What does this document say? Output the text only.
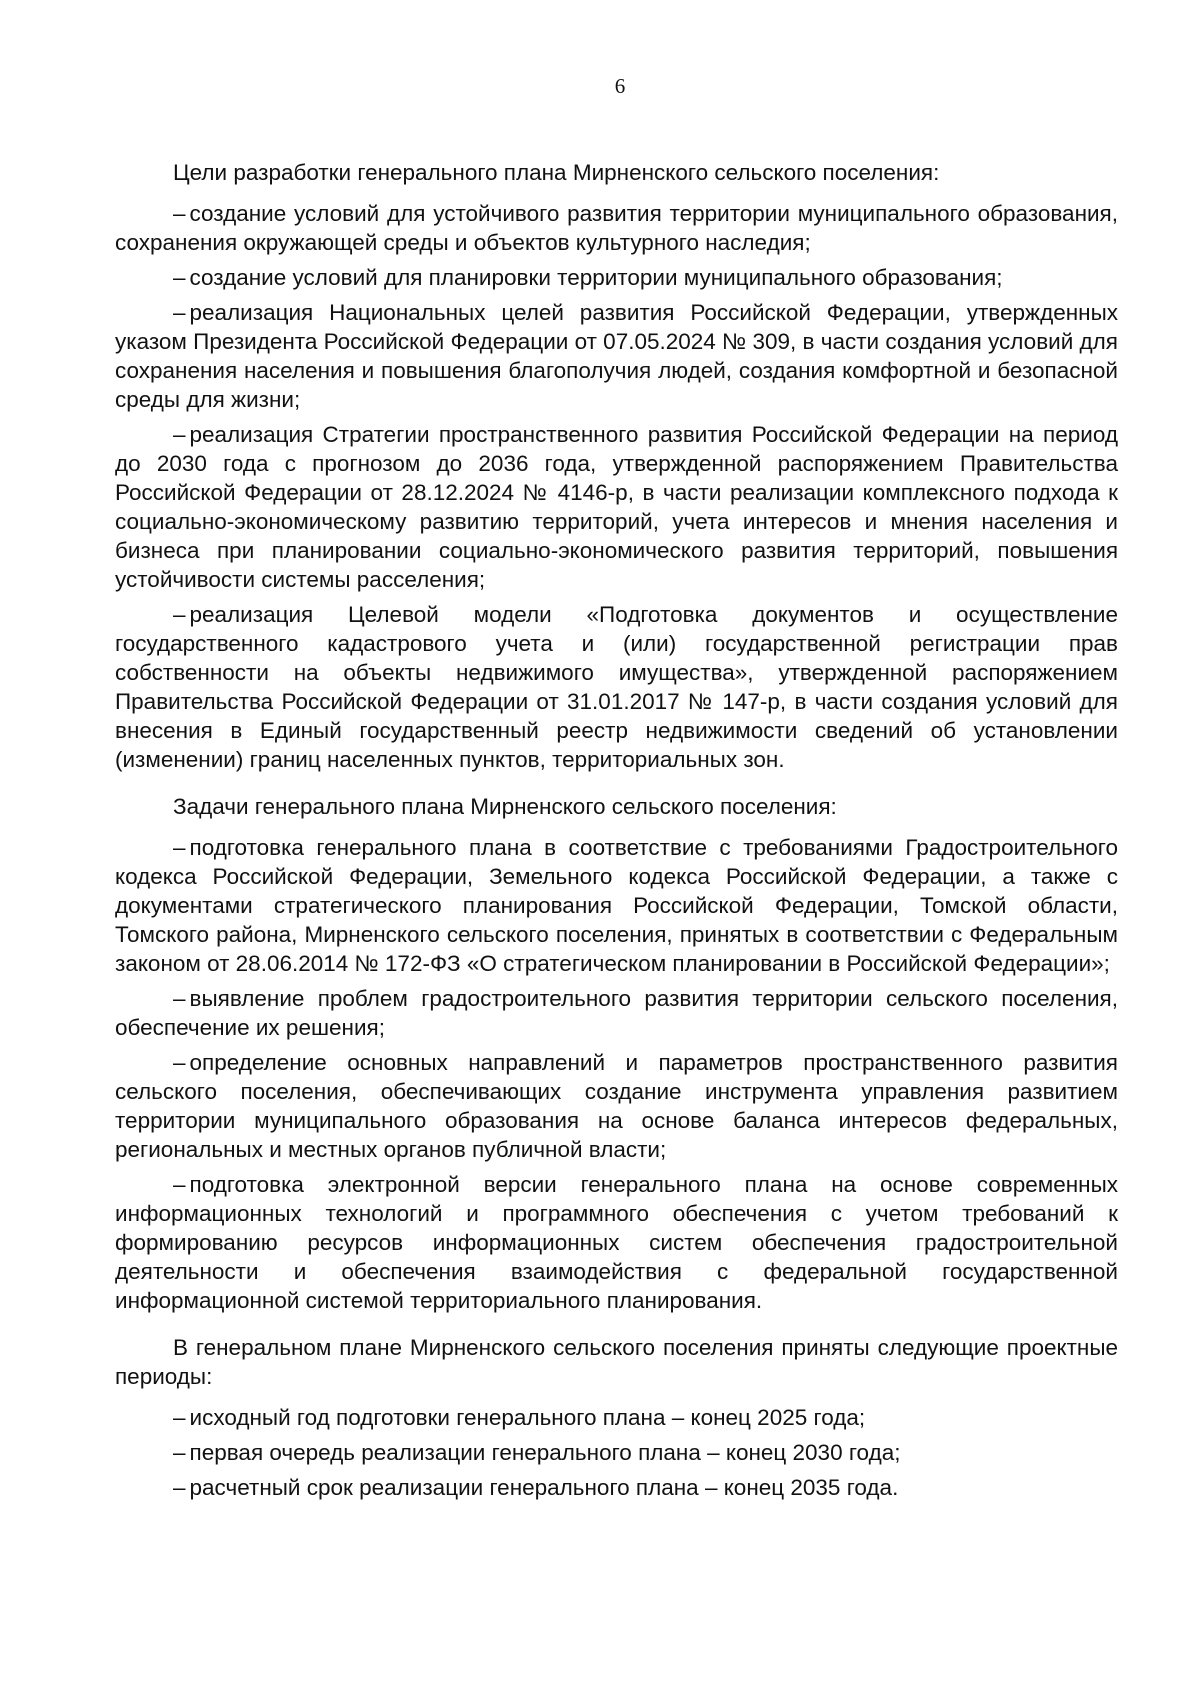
6

Цели разработки генерального плана Мирненского сельского поселения:

– создание условий для устойчивого развития территории муниципального образования, сохранения окружающей среды и объектов культурного наследия;

– создание условий для планировки территории муниципального образования;

– реализация Национальных целей развития Российской Федерации, утвержденных указом Президента Российской Федерации от 07.05.2024 № 309, в части создания условий для сохранения населения и повышения благополучия людей, создания комфортной и безопасной среды для жизни;

– реализация Стратегии пространственного развития Российской Федерации на период до 2030 года с прогнозом до 2036 года, утвержденной распоряжением Правительства Российской Федерации от 28.12.2024 № 4146-р, в части реализации комплексного подхода к социально-экономическому развитию территорий, учета интересов и мнения населения и бизнеса при планировании социально-экономического развития территорий, повышения устойчивости системы расселения;

– реализация Целевой модели «Подготовка документов и осуществление государственного кадастрового учета и (или) государственной регистрации прав собственности на объекты недвижимого имущества», утвержденной распоряжением Правительства Российской Федерации от 31.01.2017 № 147-р, в части создания условий для внесения в Единый государственный реестр недвижимости сведений об установлении (изменении) границ населенных пунктов, территориальных зон.

Задачи генерального плана Мирненского сельского поселения:

– подготовка генерального плана в соответствие с требованиями Градостроительного кодекса Российской Федерации, Земельного кодекса Российской Федерации, а также с документами стратегического планирования Российской Федерации, Томской области, Томского района, Мирненского сельского поселения, принятых в соответствии с Федеральным законом от 28.06.2014 № 172-ФЗ «О стратегическом планировании в Российской Федерации»;

– выявление проблем градостроительного развития территории сельского поселения, обеспечение их решения;

– определение основных направлений и параметров пространственного развития сельского поселения, обеспечивающих создание инструмента управления развитием территории муниципального образования на основе баланса интересов федеральных, региональных и местных органов публичной власти;

– подготовка электронной версии генерального плана на основе современных информационных технологий и программного обеспечения с учетом требований к формированию ресурсов информационных систем обеспечения градостроительной деятельности и обеспечения взаимодействия с федеральной государственной информационной системой территориального планирования.

В генеральном плане Мирненского сельского поселения приняты следующие проектные периоды:

– исходный год подготовки генерального плана – конец 2025 года;

– первая очередь реализации генерального плана – конец 2030 года;

– расчетный срок реализации генерального плана – конец 2035 года.
